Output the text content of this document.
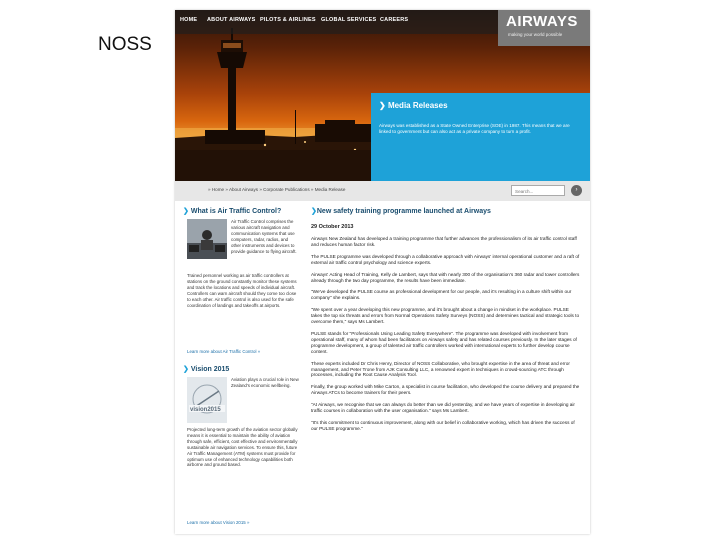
NOSS
HOME ABOUT AIRWAYS PILOTS & AIRLINES GLOBAL SERVICES CAREERS	AIRWAYS
making your world possible
❯ Media Releases
Airways was established as a State Owned Enterprise (SOE) in 1987. This means that we are linked to government but can also act as a private company to turn a profit.
» Home » About Airways » Corporate Publications » Media Release	Search...	›
❯ What is Air Traffic Control?
Air Traffic Control comprises the various aircraft navigation and communication systems that use computers, radar, radios, and other instruments and devices to provide guidance to flying aircraft.
Trained personnel working as air traffic controllers at stations on the ground constantly monitor these systems and track the locations and speeds of individual aircraft. Controllers can warn aircraft should they come too close to each other. Air traffic control is also used for the safe coordination of landings and takeoffs at airports.
Learn more about Air Traffic Control »
❯ Vision 2015
vision2015
Aviation plays a crucial role in New Zealand's economic wellbeing.
Projected long-term growth of the aviation sector globally means it is essential to maintain the ability of aviation through safe, efficient, cost effective and environmentally sustainable air navigation services. To ensure this, future Air Traffic Management (ATM) systems must provide for optimum use of enhanced technology capabilities both airborne and ground based.
Learn more about Vision 2015 »
❯New safety training programme launched at Airways
29 October 2013
Airways New Zealand has developed a training programme that further advances the professionalism of its air traffic control staff and reduces human factor risk.
The PULSE programme was developed through a collaborative approach with Airways' internal operational customer and a raft of external air traffic control psychology and science experts.
Airways' Acting Head of Training, Kelly de Lambert, says that with nearly 300 of the organisation's 360 radar and tower controllers already through the two day programme, the results have been immediate.
"We've developed the PULSE course as professional development for our people, and it's resulting in a culture shift within our company" she explains.
"We spent over a year developing this new programme, and it's brought about a change in mindset in the workplace. PULSE takes the top six threats and errors from Normal Operations Safety Surveys (NOSS) and determines tactical and strategic tools to overcome them," says Ms Lambert.
PULSE stands for "Professionals Using Leading Safety Everywhere". The programme was developed with involvement from operational staff, many of whom had been facilitators on Airways safety and has related courses previously. In the later stages of programme development, a group of talented air traffic controllers worked with international experts to further develop course content.
These experts included Dr Chris Henry, Director of NOSS Collaborative, who brought expertise in the area of threat and error management, and Peter Trone from AJK Consulting LLC, a renowned expert in techniques in crowd-sourcing ATC through processes, including the Root Cause Analysis Tool.
Finally, the group worked with Mike Carton, a specialist in course facilitation, who developed the course delivery and prepared the Airways ATCs to become trainers for their peers.
"At Airways, we recognise that we can always do better than we did yesterday, and we have years of expertise in developing air traffic courses in collaboration with the user organisation." says Ms Lambert.
"It's this commitment to continuous improvement, along with our belief in collaborative working, which has driven the success of our PULSE programme."
